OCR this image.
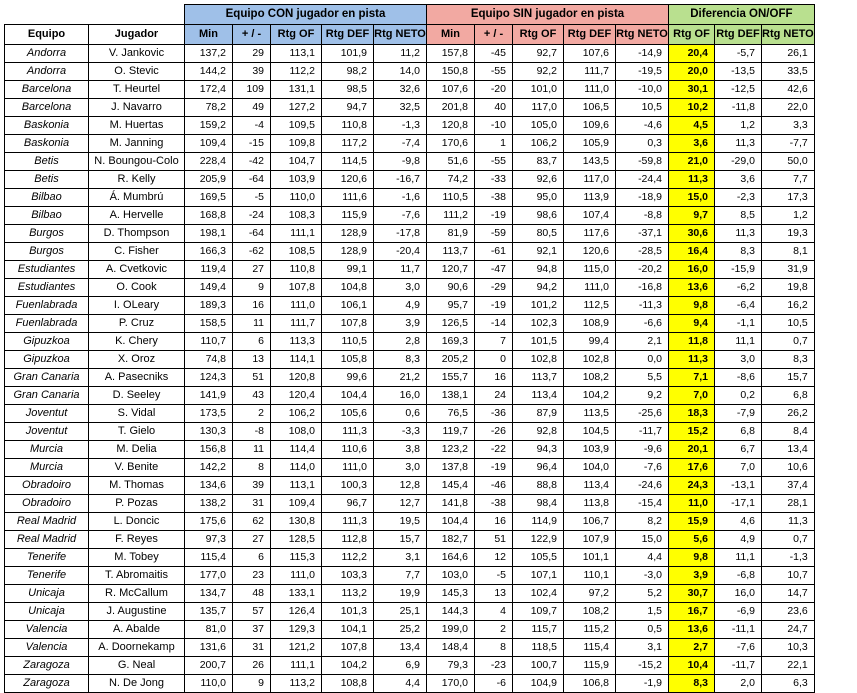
		Equipo CON jugador en pista					Equipo SIN jugador en pista					Diferencia ON/OFF		
Equipo	Jugador	Min	+ / -	Rtg OF	Rtg DEF	Rtg NETO	Min	+ / -	Rtg OF	Rtg DEF	Rtg NETO	Rtg OF	Rtg DEF	Rtg NETO
Andorra	V. Jankovic	137,2	29	113,1	101,9	11,2	157,8	-45	92,7	107,6	-14,9	20,4	-5,7	26,1
Andorra	O. Stevic	144,2	39	112,2	98,2	14,0	150,8	-55	92,2	111,7	-19,5	20,0	-13,5	33,5
Barcelona	T. Heurtel	172,4	109	131,1	98,5	32,6	107,6	-20	101,0	111,0	-10,0	30,1	-12,5	42,6
Barcelona	J. Navarro	78,2	49	127,2	94,7	32,5	201,8	40	117,0	106,5	10,5	10,2	-11,8	22,0
Baskonia	M. Huertas	159,2	-4	109,5	110,8	-1,3	120,8	-10	105,0	109,6	-4,6	4,5	1,2	3,3
Baskonia	M. Janning	109,4	-15	109,8	117,2	-7,4	170,6	1	106,2	105,9	0,3	3,6	11,3	-7,7
Betis	N. Boungou-Colo	228,4	-42	104,7	114,5	-9,8	51,6	-55	83,7	143,5	-59,8	21,0	-29,0	50,0
Betis	R. Kelly	205,9	-64	103,9	120,6	-16,7	74,2	-33	92,6	117,0	-24,4	11,3	3,6	7,7
Bilbao	Á. Mumbrú	169,5	-5	110,0	111,6	-1,6	110,5	-38	95,0	113,9	-18,9	15,0	-2,3	17,3
Bilbao	A. Hervelle	168,8	-24	108,3	115,9	-7,6	111,2	-19	98,6	107,4	-8,8	9,7	8,5	1,2
Burgos	D. Thompson	198,1	-64	111,1	128,9	-17,8	81,9	-59	80,5	117,6	-37,1	30,6	11,3	19,3
Burgos	C. Fisher	166,3	-62	108,5	128,9	-20,4	113,7	-61	92,1	120,6	-28,5	16,4	8,3	8,1
Estudiantes	A. Cvetkovic	119,4	27	110,8	99,1	11,7	120,7	-47	94,8	115,0	-20,2	16,0	-15,9	31,9
Estudiantes	O. Cook	149,4	9	107,8	104,8	3,0	90,6	-29	94,2	111,0	-16,8	13,6	-6,2	19,8
Fuenlabrada	I. OLeary	189,3	16	111,0	106,1	4,9	95,7	-19	101,2	112,5	-11,3	9,8	-6,4	16,2
Fuenlabrada	P. Cruz	158,5	11	111,7	107,8	3,9	126,5	-14	102,3	108,9	-6,6	9,4	-1,1	10,5
Gipuzkoa	K. Chery	110,7	6	113,3	110,5	2,8	169,3	7	101,5	99,4	2,1	11,8	11,1	0,7
Gipuzkoa	X. Oroz	74,8	13	114,1	105,8	8,3	205,2	0	102,8	102,8	0,0	11,3	3,0	8,3
Gran Canaria	A. Pasecniks	124,3	51	120,8	99,6	21,2	155,7	16	113,7	108,2	5,5	7,1	-8,6	15,7
Gran Canaria	D. Seeley	141,9	43	120,4	104,4	16,0	138,1	24	113,4	104,2	9,2	7,0	0,2	6,8
Joventut	S. Vidal	173,5	2	106,2	105,6	0,6	76,5	-36	87,9	113,5	-25,6	18,3	-7,9	26,2
Joventut	T. Gielo	130,3	-8	108,0	111,3	-3,3	119,7	-26	92,8	104,5	-11,7	15,2	6,8	8,4
Murcia	M. Delia	156,8	11	114,4	110,6	3,8	123,2	-22	94,3	103,9	-9,6	20,1	6,7	13,4
Murcia	V. Benite	142,2	8	114,0	111,0	3,0	137,8	-19	96,4	104,0	-7,6	17,6	7,0	10,6
Obradoiro	M. Thomas	134,6	39	113,1	100,3	12,8	145,4	-46	88,8	113,4	-24,6	24,3	-13,1	37,4
Obradoiro	P. Pozas	138,2	31	109,4	96,7	12,7	141,8	-38	98,4	113,8	-15,4	11,0	-17,1	28,1
Real Madrid	L. Doncic	175,6	62	130,8	111,3	19,5	104,4	16	114,9	106,7	8,2	15,9	4,6	11,3
Real Madrid	F. Reyes	97,3	27	128,5	112,8	15,7	182,7	51	122,9	107,9	15,0	5,6	4,9	0,7
Tenerife	M. Tobey	115,4	6	115,3	112,2	3,1	164,6	12	105,5	101,1	4,4	9,8	11,1	-1,3
Tenerife	T. Abromaitis	177,0	23	111,0	103,3	7,7	103,0	-5	107,1	110,1	-3,0	3,9	-6,8	10,7
Unicaja	R. McCallum	134,7	48	133,1	113,2	19,9	145,3	13	102,4	97,2	5,2	30,7	16,0	14,7
Unicaja	J. Augustine	135,7	57	126,4	101,3	25,1	144,3	4	109,7	108,2	1,5	16,7	-6,9	23,6
Valencia	A. Abalde	81,0	37	129,3	104,1	25,2	199,0	2	115,7	115,2	0,5	13,6	-11,1	24,7
Valencia	A. Doornekamp	131,6	31	121,2	107,8	13,4	148,4	8	118,5	115,4	3,1	2,7	-7,6	10,3
Zaragoza	G. Neal	200,7	26	111,1	104,2	6,9	79,3	-23	100,7	115,9	-15,2	10,4	-11,7	22,1
Zaragoza	N. De Jong	110,0	9	113,2	108,8	4,4	170,0	-6	104,9	106,8	-1,9	8,3	2,0	6,3
